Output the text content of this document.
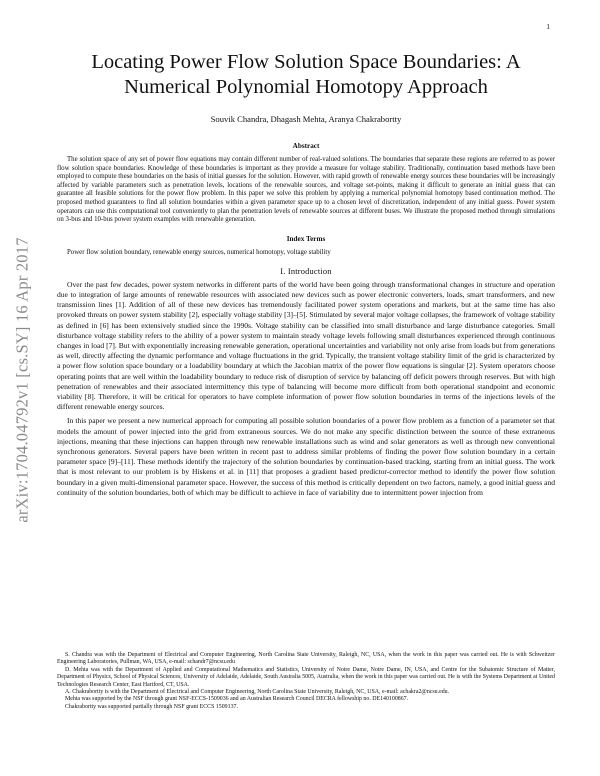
1
arXiv:1704.04792v1 [cs.SY] 16 Apr 2017
Locating Power Flow Solution Space Boundaries: A Numerical Polynomial Homotopy Approach
Souvik Chandra, Dhagash Mehta, Aranya Chakrabortty
Abstract

The solution space of any set of power flow equations may contain different number of real-valued solutions. The boundaries that separate these regions are referred to as power flow solution space boundaries. Knowledge of these boundaries is important as they provide a measure for voltage stability. Traditionally, continuation based methods have been employed to compute these boundaries on the basis of initial guesses for the solution. However, with rapid growth of renewable energy sources these boundaries will be increasingly affected by variable parameters such as penetration levels, locations of the renewable sources, and voltage set-points, making it difficult to generate an initial guess that can guarantee all feasible solutions for the power flow problem. In this paper we solve this problem by applying a numerical polynomial homotopy based continuation method. The proposed method guarantees to find all solution boundaries within a given parameter space up to a chosen level of discretization, independent of any initial guess. Power system operators can use this computational tool conveniently to plan the penetration levels of renewable sources at different buses. We illustrate the proposed method through simulations on 3-bus and 10-bus power system examples with renewable generation.

Index Terms
Power flow solution boundary, renewable energy sources, numerical homotopy, voltage stability
I. Introduction

Over the past few decades, power system networks in different parts of the world have been going through transformational changes in structure and operation due to integration of large amounts of renewable resources with associated new devices such as power electronic converters, loads, smart transformers, and new transmission lines [1]. Addition of all of these new devices has tremendously facilitated power system operations and markets, but at the same time has also provoked threats on power system stability [2], especially voltage stability [3]–[5]. Stimulated by several major voltage collapses, the framework of voltage stability as defined in [6] has been extensively studied since the 1990s. Voltage stability can be classified into small disturbance and large disturbance categories. Small disturbance voltage stability refers to the ability of a power system to maintain steady voltage levels following small disturbances experienced through continuous changes in load [7]. But with exponentially increasing renewable generation, operational uncertainties and variability not only arise from loads but from generations as well, directly affecting the dynamic performance and voltage fluctuations in the grid. Typically, the transient voltage stability limit of the grid is characterized by a power flow solution space boundary or a loadability boundary at which the Jacobian matrix of the power flow equations is singular [2]. System operators choose operating points that are well within the loadability boundary to reduce risk of disruption of service by balancing off deficit powers through reserves. But with high penetration of renewables and their associated intermittency this type of balancing will become more difficult from both operational standpoint and economic viability [8]. Therefore, it will be critical for operators to have complete information of power flow solution boundaries in terms of the injections levels of the different renewable energy sources.

In this paper we present a new numerical approach for computing all possible solution boundaries of a power flow problem as a function of a parameter set that models the amount of power injected into the grid from extraneous sources. We do not make any specific distinction between the source of these extraneous injections, meaning that these injections can happen through new renewable installations such as wind and solar generators as well as through new conventional synchronous generators. Several papers have been written in recent past to address similar problems of finding the power flow solution boundary in a certain parameter space [9]–[11]. These methods identify the trajectory of the solution boundaries by continuation-based tracking, starting from an initial guess. The work that is most relevant to our problem is by Hiskens et al. in [11] that proposes a gradient based predictor-corrector method to identify the power flow solution boundary in a given multi-dimensional parameter space. However, the success of this method is critically dependent on two factors, namely, a good initial guess and continuity of the solution boundaries, both of which may be difficult to achieve in face of variability due to intermittent power injection from

S. Chandra was with the Department of Electrical and Computer Engineering, North Carolina State University, Raleigh, NC, USA, when the work in this paper was carried out. He is with Schweitzer Engineering Laboratories, Pullman, WA, USA, e-mail: schandr7@ncsu.edu

D. Mehta was with the Department of Applied and Computational Mathematics and Statistics, University of Notre Dame, Notre Dame, IN, USA, and Centre for the Subatomic Structure of Matter, Department of Physics, School of Physical Sciences, University of Adelaide, Adelaide, South Australia 5005, Australia, when the work in this paper was carried out. He is with the Systems Department at United Technologies Research Center, East Hartford, CT, USA.

A. Chakrabortty is with the Department of Electrical and Computer Engineering, North Carolina State University, Raleigh, NC, USA, e-mail: achakra2@ncsu.edu.

Mehta was supported by the NSF through grant NSF-ECCS-1509036 and an Australian Research Council DECRA fellowship no. DE140100867.

Chakrabortty was supported partially through NSF grant ECCS 1509137.
